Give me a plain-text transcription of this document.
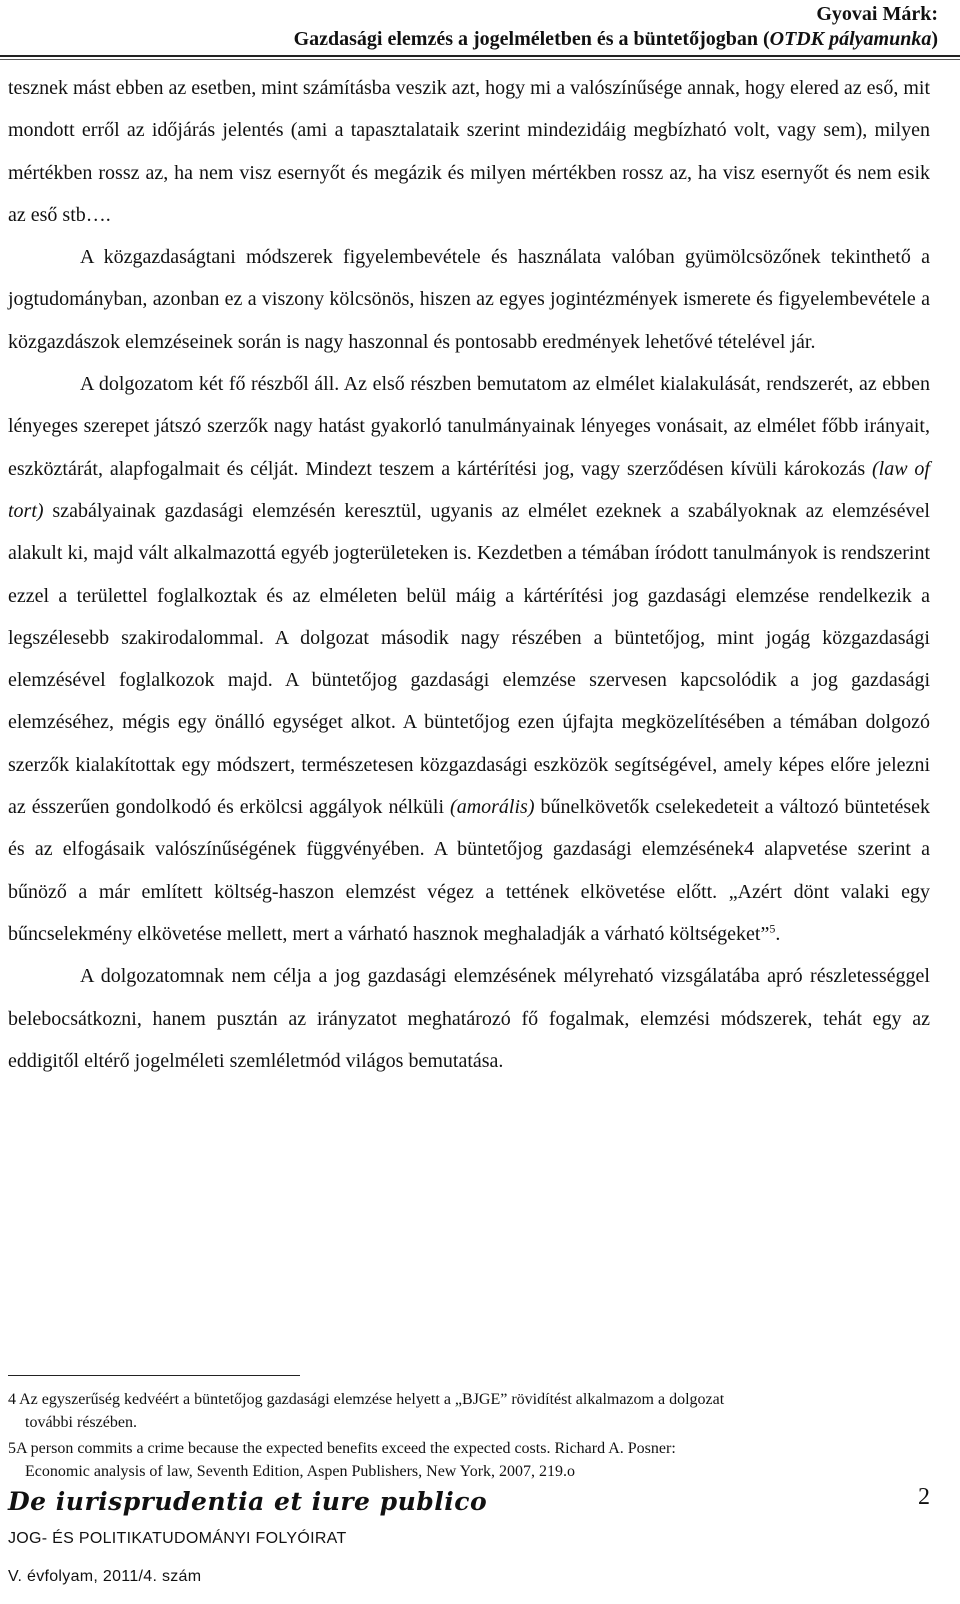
Gyovai Márk:
Gazdasági elemzés a jogelméletben és a büntetőjogban (OTDK pályamunka)

tesznek mást ebben az esetben, mint számításba veszik azt, hogy mi a valószínűsége annak, hogy elered az eső, mit mondott erről az időjárás jelentés (ami a tapasztalataik szerint mindezidáig megbízható volt, vagy sem), milyen mértékben rossz az, ha nem visz esernyőt és megázik és milyen mértékben rossz az, ha visz esernyőt és nem esik az eső stb….

A közgazdaságtani módszerek figyelembevétele és használata valóban gyümölcsözőnek tekinthető a jogtudományban, azonban ez a viszony kölcsönös, hiszen az egyes jogintézmények ismerete és figyelembevétele a közgazdászok elemzéseinek során is nagy haszonnal és pontosabb eredmények lehetővé tételével jár.

A dolgozatom két fő részből áll. Az első részben bemutatom az elmélet kialakulását, rendszerét, az ebben lényeges szerepet játszó szerzők nagy hatást gyakorló tanulmányainak lényeges vonásait, az elmélet főbb irányait, eszköztárát, alapfogalmait és célját. Mindezt teszem a kártérítési jog, vagy szerződésen kívüli károkozás (law of tort) szabályainak gazdasági elemzésén keresztül, ugyanis az elmélet ezeknek a szabályoknak az elemzésével alakult ki, majd vált alkalmazottá egyéb jogterületeken is. Kezdetben a témában íródott tanulmányok is rendszerint ezzel a területtel foglalkoztak és az elméleten belül máig a kártérítési jog gazdasági elemzése rendelkezik a legszélesebb szakirodalommal. A dolgozat második nagy részében a büntetőjog, mint jogág közgazdasági elemzésével foglalkozok majd. A büntetőjog gazdasági elemzése szervesen kapcsolódik a jog gazdasági elemzéséhez, mégis egy önálló egységet alkot. A büntetőjog ezen újfajta megközelítésében a témában dolgozó szerzők kialakítottak egy módszert, természetesen közgazdasági eszközök segítségével, amely képes előre jelezni az ésszerűen gondolkodó és erkölcsi aggályok nélküli (amorális) bűnelkövetők cselekedeteit a változó büntetések és az elfogásaik valószínűségének függvényében. A büntetőjog gazdasági elemzésének4 alapvetése szerint a bűnöző a már említett költség-haszon elemzést végez a tettének elkövetése előtt. „Azért dönt valaki egy bűncselekmény elkövetése mellett, mert a várható hasznok meghaladják a várható költségeket”$^5$.

A dolgozatomnak nem célja a jog gazdasági elemzésének mélyreható vizsgálatába apró részletességgel belebocsátkozni, hanem pusztán az irányzatot meghatározó fő fogalmak, elemzési módszerek, tehát egy az eddigitől eltérő jogelméleti szemléletmód világos bemutatása.

4 Az egyszerűség kedvéért a büntetőjog gazdasági elemzése helyett a „BJGE” rövidítést alkalmazom a dolgozat
további részében.
5A person commits a crime because the expected benefits exceed the expected costs. Richard A. Posner:
Economic analysis of law, Seventh Edition, Aspen Publishers, New York, 2007, 219.o
De iurisprudentia et iure publico	2
JOG- ÉS POLITIKATUDOMÁNYI FOLYÓIRAT
V. évfolyam, 2011/4. szám
